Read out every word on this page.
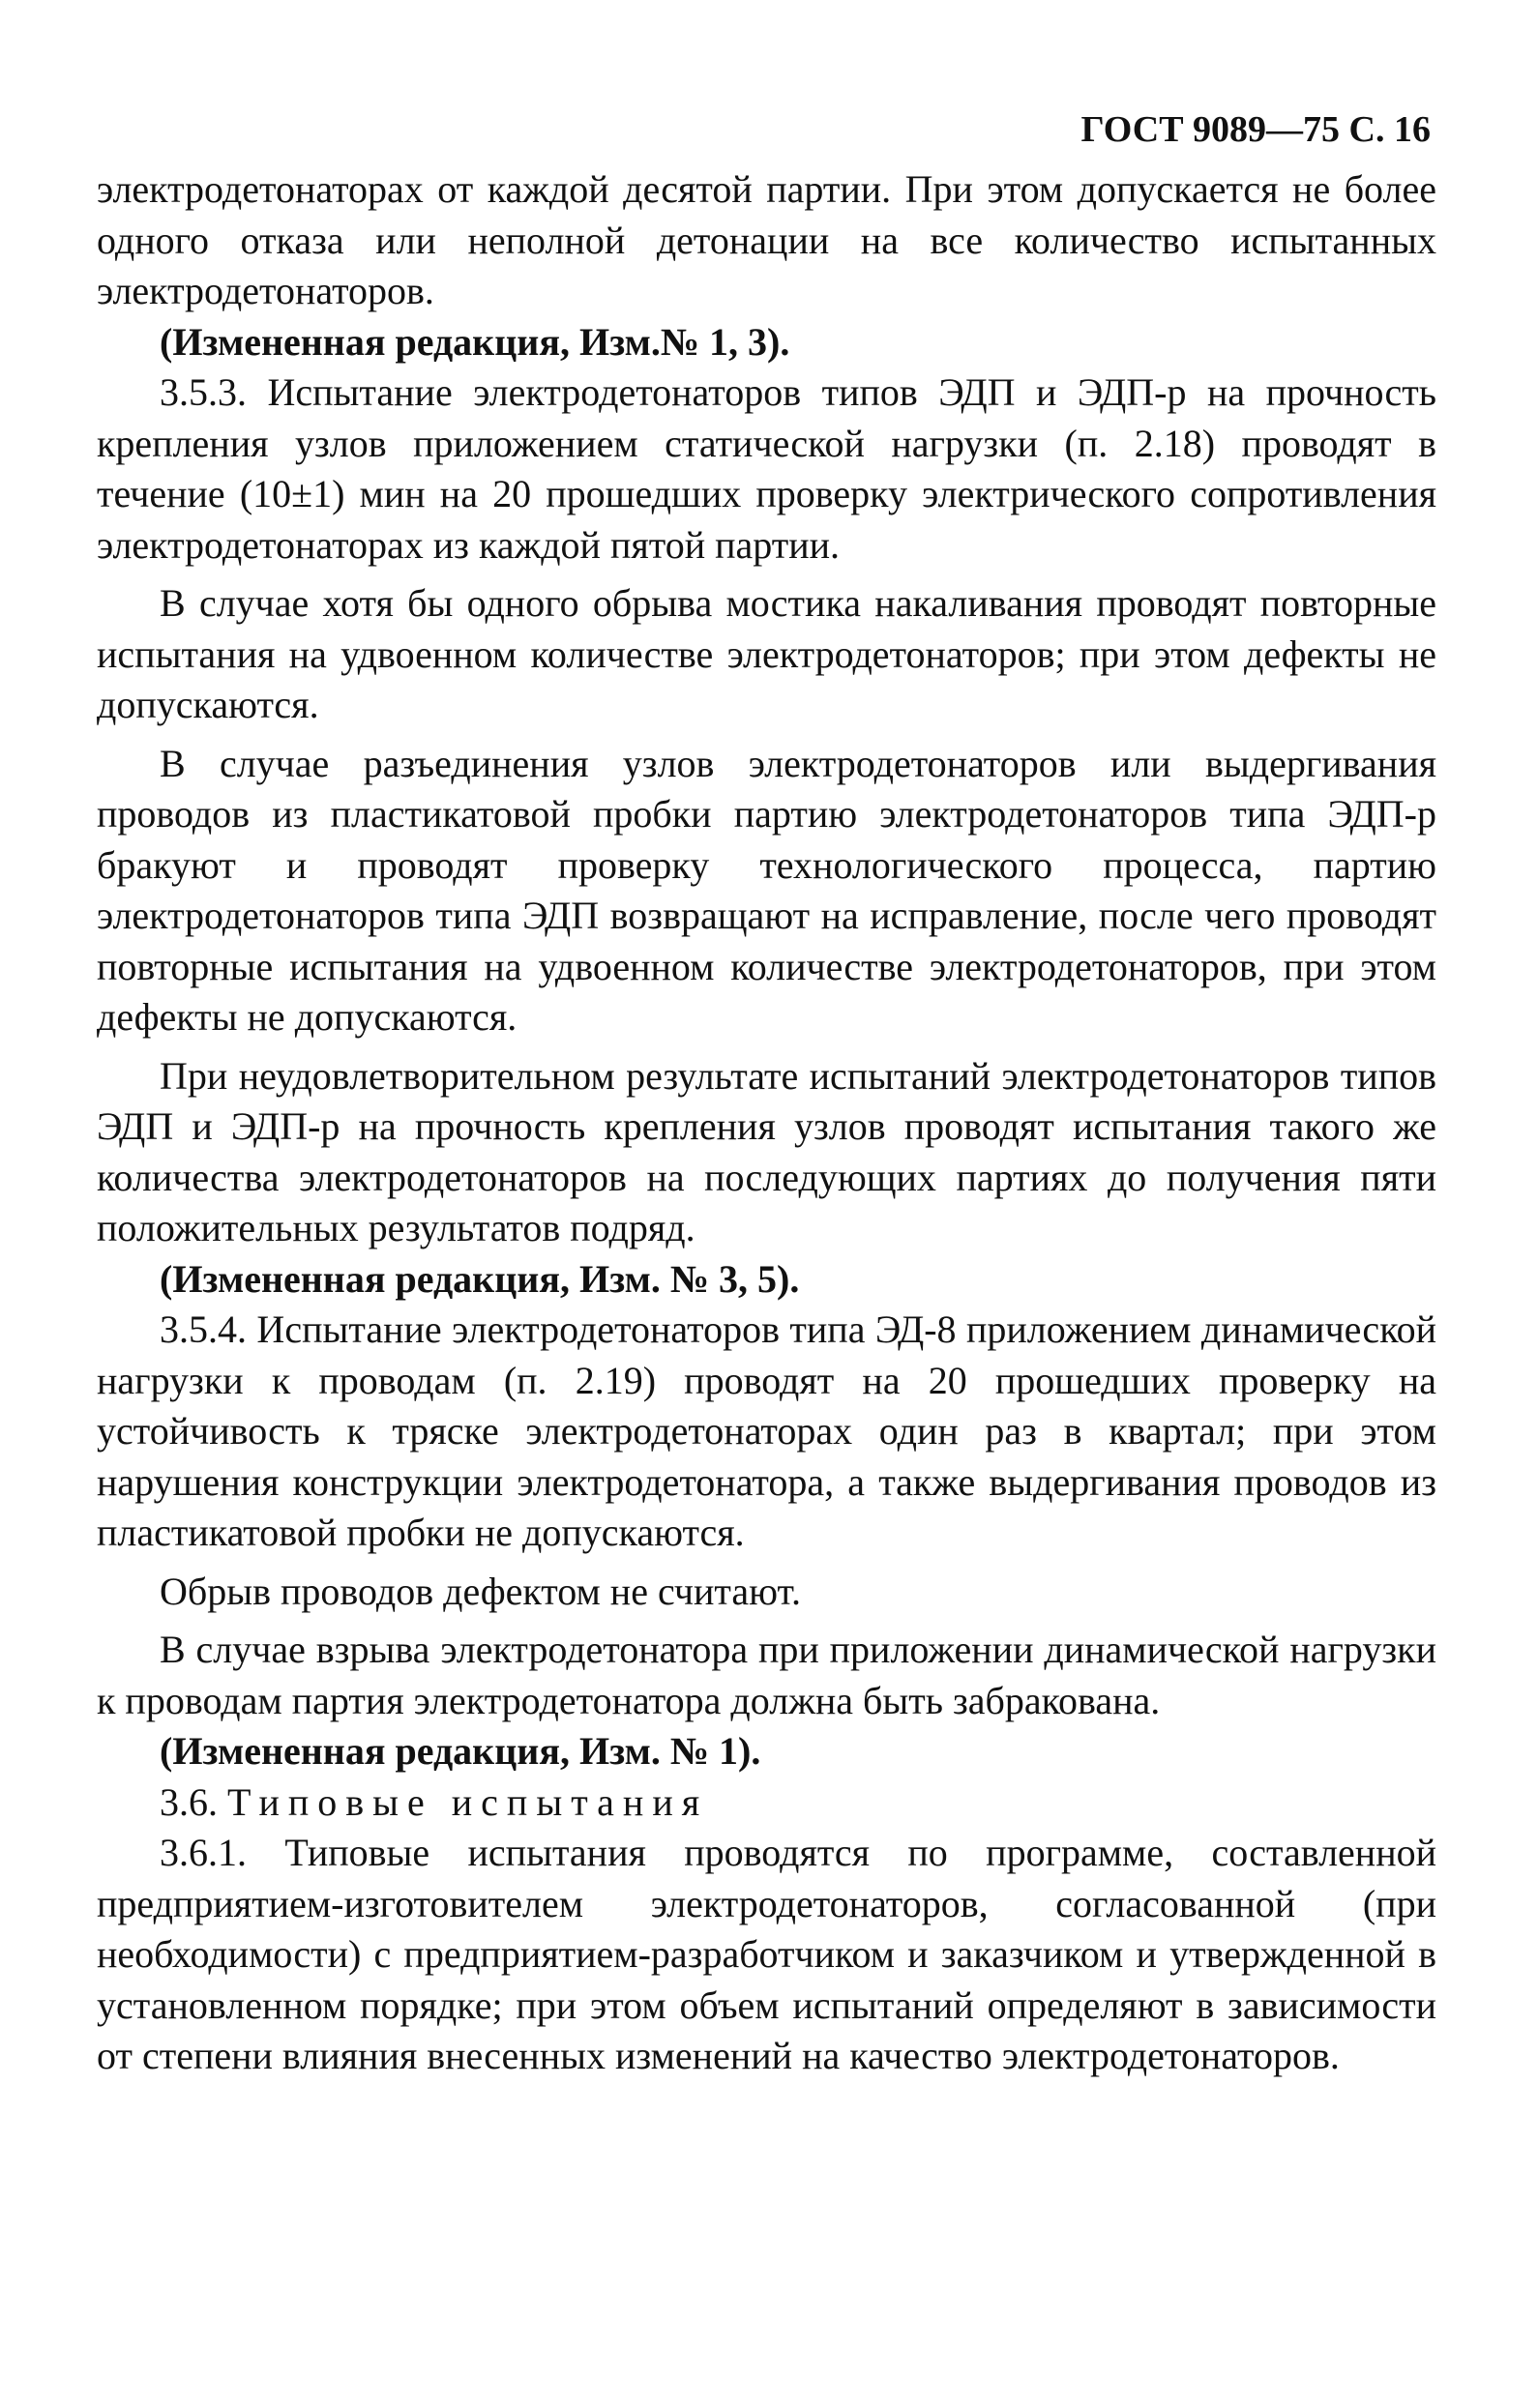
ГОСТ 9089—75 С. 16

электродетонаторах от каждой десятой партии. При этом допускается не более одного отказа или неполной детонации на все количество испытанных электродетонаторов.

(Измененная редакция, Изм.№ 1, 3).

3.5.3. Испытание электродетонаторов типов ЭДП и ЭДП-р на прочность крепления узлов приложением статической нагрузки (п. 2.18) проводят в течение (10±1) мин на 20 прошедших проверку электрического сопротивления электродетонаторах из каждой пятой партии.

В случае хотя бы одного обрыва мостика накаливания проводят повторные испытания на удвоенном количестве электродетонаторов; при этом дефекты не допускаются.

В случае разъединения узлов электродетонаторов или выдергивания проводов из пластикатовой пробки партию электродетонаторов типа ЭДП-р бракуют и проводят проверку технологического процесса, партию электродетонаторов типа ЭДП возвращают на исправление, после чего проводят повторные испытания на удвоенном количестве электродетонаторов, при этом дефекты не допускаются.

При неудовлетворительном результате испытаний электродетонаторов типов ЭДП и ЭДП-р на прочность крепления узлов проводят испытания такого же количества электродетонаторов на последующих партиях до получения пяти положительных результатов подряд.

(Измененная редакция, Изм. № 3, 5).

3.5.4. Испытание электродетонаторов типа ЭД-8 приложением динамической нагрузки к проводам (п. 2.19) проводят на 20 прошедших проверку на устойчивость к тряске электродетонаторах один раз в квартал; при этом нарушения конструкции электродетонатора, а также выдергивания проводов из пластикатовой пробки не допускаются.

Обрыв проводов дефектом не считают.

В случае взрыва электродетонатора при приложении динамической нагрузки к проводам партия электродетонатора должна быть забракована.

(Измененная редакция, Изм. № 1).

3.6. Типовые испытания

3.6.1. Типовые испытания проводятся по программе, составленной предприятием-изготовителем электродетонаторов, согласованной (при необходимости) с предприятием-разработчиком и заказчиком и утвержденной в установленном порядке; при этом объем испытаний определяют в зависимости от степени влияния внесенных изменений на качество электродетонаторов.
